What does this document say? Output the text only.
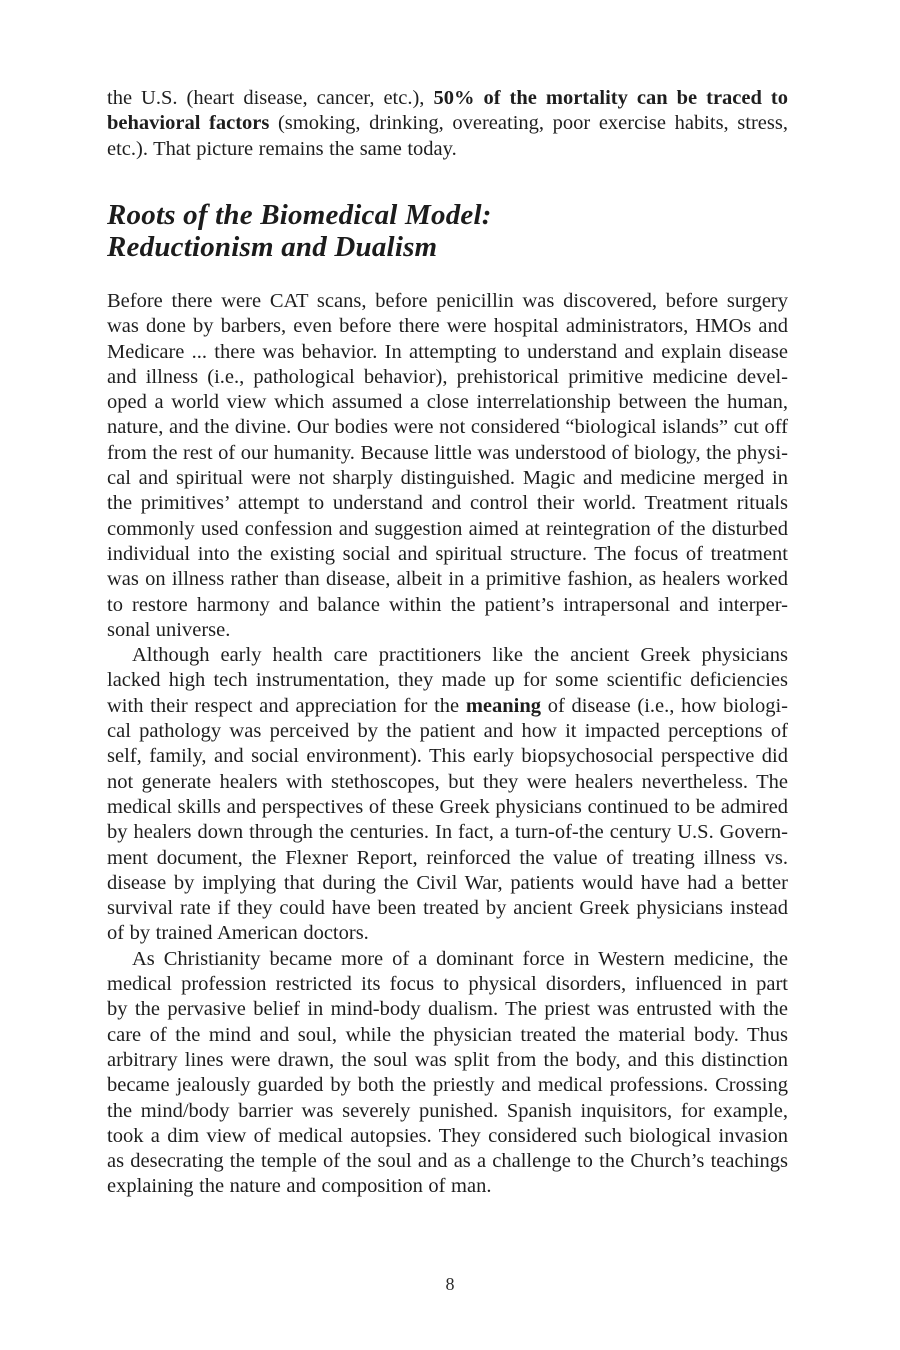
the U.S. (heart disease, cancer, etc.), 50% of the mortality can be traced to
behavioral factors (smoking, drinking, overeating, poor exercise habits, stress,
etc.). That picture remains the same today.
Roots of the Biomedical Model:
Reductionism and Dualism
Before there were CAT scans, before penicillin was discovered, before surgery
was done by barbers, even before there were hospital administrators, HMOs and
Medicare ... there was behavior. In attempting to understand and explain disease
and illness (i.e., pathological behavior), prehistorical primitive medicine devel-
oped a world view which assumed a close interrelationship between the human,
nature, and the divine. Our bodies were not considered “biological islands” cut off
from the rest of our humanity. Because little was understood of biology, the physi-
cal and spiritual were not sharply distinguished. Magic and medicine merged in
the primitives’ attempt to understand and control their world. Treatment rituals
commonly used confession and suggestion aimed at reintegration of the disturbed
individual into the existing social and spiritual structure. The focus of treatment
was on illness rather than disease, albeit in a primitive fashion, as healers worked
to restore harmony and balance within the patient’s intrapersonal and interper-
sonal universe.
Although early health care practitioners like the ancient Greek physicians
lacked high tech instrumentation, they made up for some scientific deficiencies
with their respect and appreciation for the meaning of disease (i.e., how biologi-
cal pathology was perceived by the patient and how it impacted perceptions of
self, family, and social environment). This early biopsychosocial perspective did
not generate healers with stethoscopes, but they were healers nevertheless. The
medical skills and perspectives of these Greek physicians continued to be admired
by healers down through the centuries. In fact, a turn-of-the century U.S. Govern-
ment document, the Flexner Report, reinforced the value of treating illness vs.
disease by implying that during the Civil War, patients would have had a better
survival rate if they could have been treated by ancient Greek physicians instead
of by trained American doctors.
As Christianity became more of a dominant force in Western medicine, the
medical profession restricted its focus to physical disorders, influenced in part
by the pervasive belief in mind-body dualism. The priest was entrusted with the
care of the mind and soul, while the physician treated the material body. Thus
arbitrary lines were drawn, the soul was split from the body, and this distinction
became jealously guarded by both the priestly and medical professions. Crossing
the mind/body barrier was severely punished. Spanish inquisitors, for example,
took a dim view of medical autopsies. They considered such biological invasion
as desecrating the temple of the soul and as a challenge to the Church’s teachings
explaining the nature and composition of man.
8
